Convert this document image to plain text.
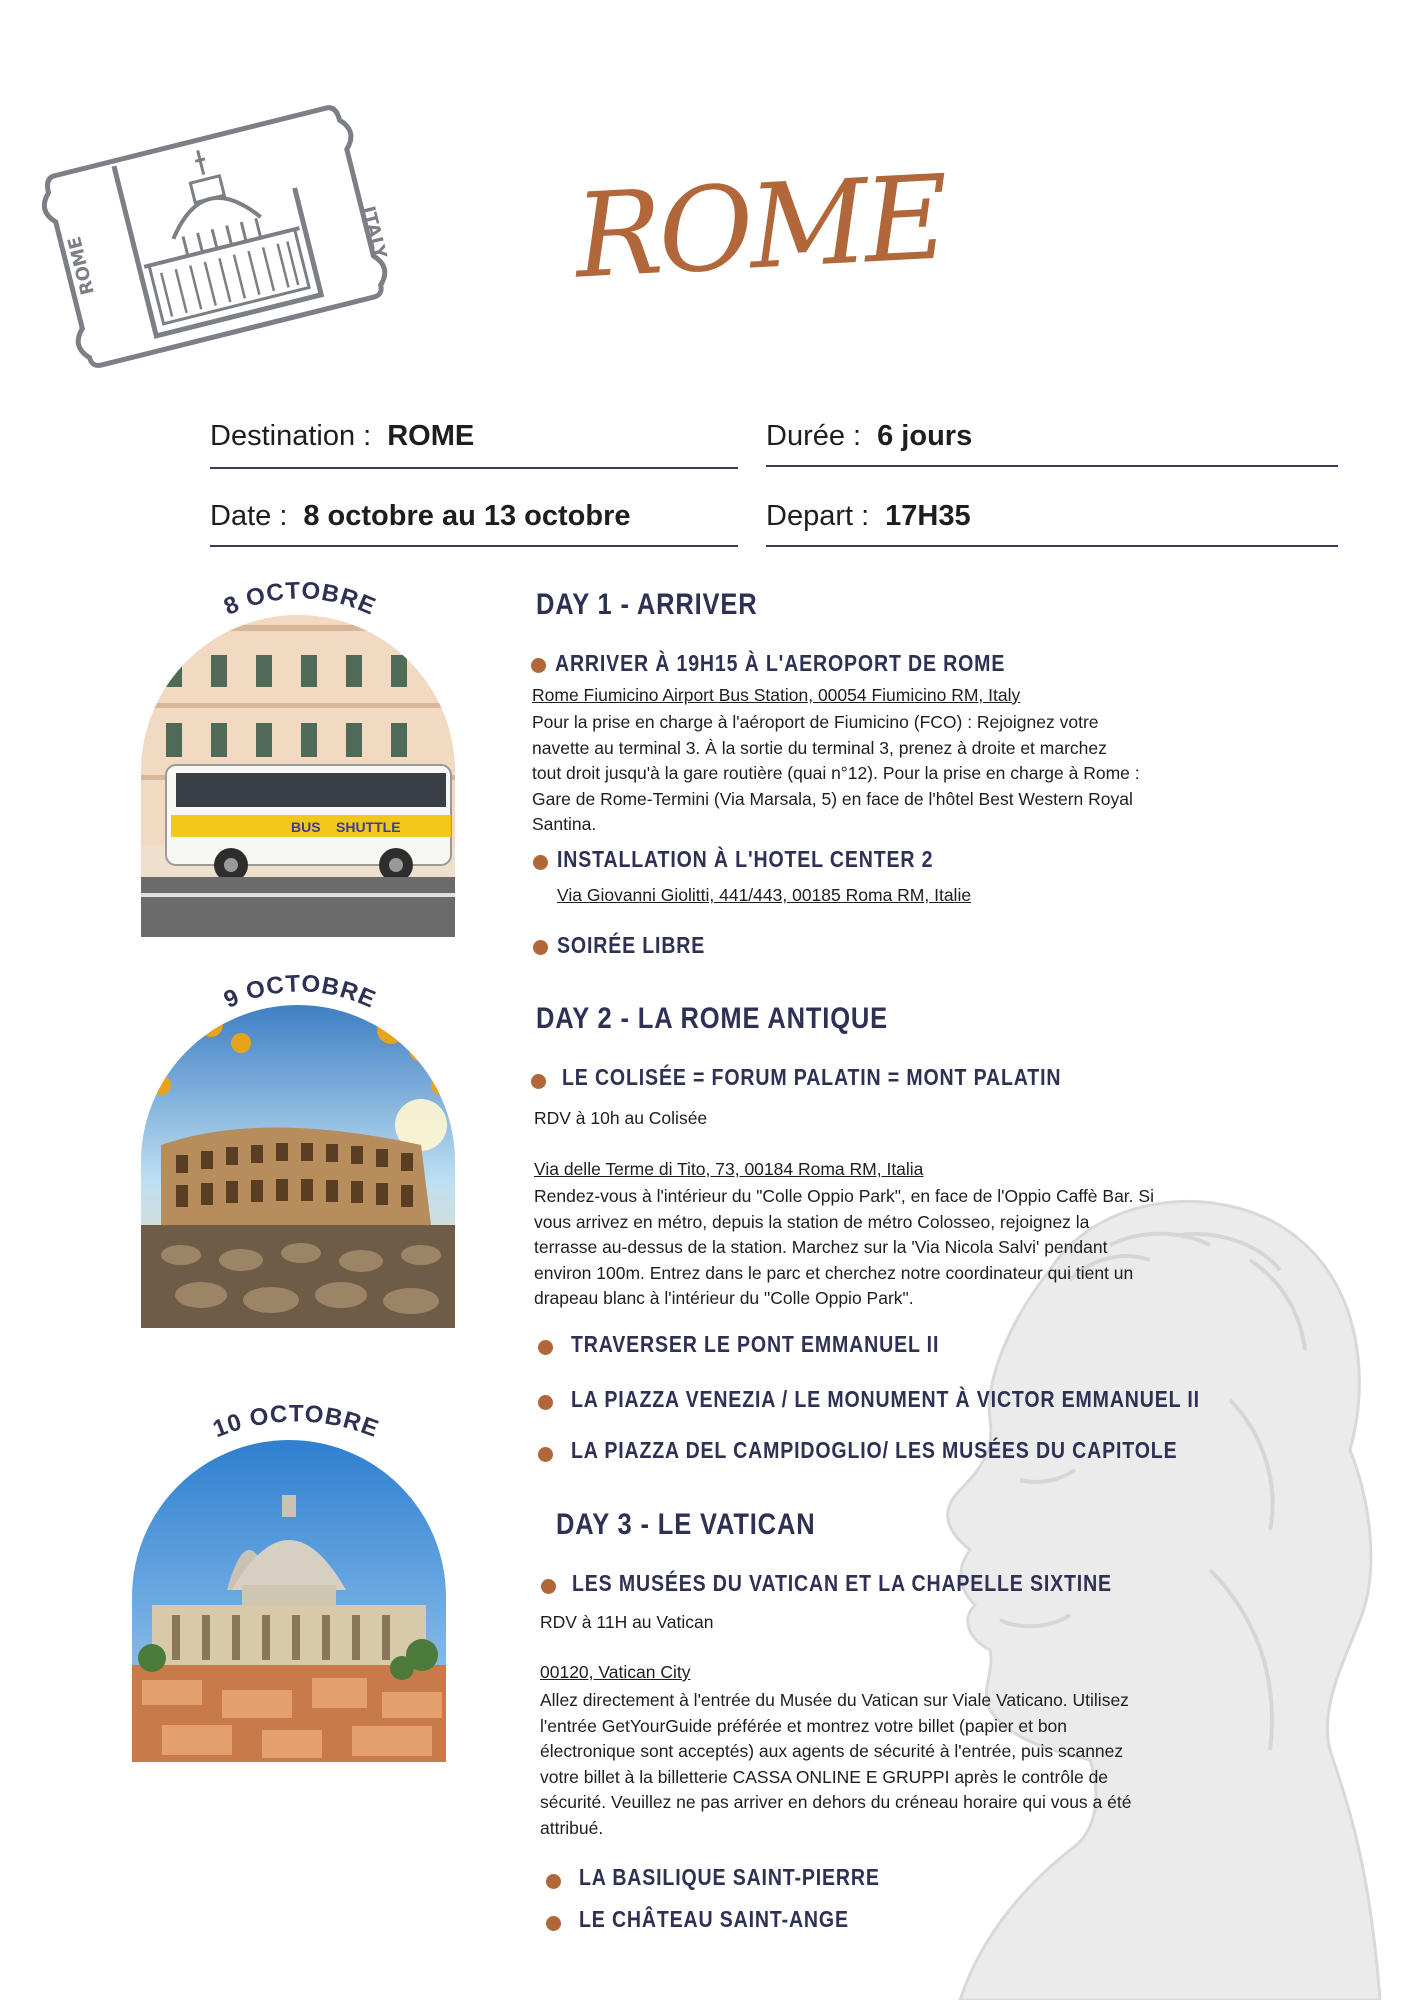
ROME
ITALY ROME
Destination : ROME	Durée : 6 jours
Date : 8 octobre au 13 octobre	Depart : 17H35
8 OCTOBRE
BUS SHUTTLE
DAY 1 - ARRIVER
ARRIVER À 19H15 À L'AEROPORT DE ROME
Rome Fiumicino Airport Bus Station, 00054 Fiumicino RM, Italy
Pour la prise en charge à l'aéroport de Fiumicino (FCO) : Rejoignez votre
navette au terminal 3. À la sortie du terminal 3, prenez à droite et marchez
tout droit jusqu'à la gare routière (quai n°12). Pour la prise en charge à Rome :
Gare de Rome-Termini (Via Marsala, 5) en face de l'hôtel Best Western Royal
Santina.
INSTALLATION À L'HOTEL CENTER 2
Via Giovanni Giolitti, 441/443, 00185 Roma RM, Italie
SOIRÉE LIBRE
9 OCTOBRE
DAY 2 - LA ROME ANTIQUE
LE COLISÉE = FORUM PALATIN = MONT PALATIN
RDV à 10h au Colisée
Via delle Terme di Tito, 73, 00184 Roma RM, Italia
Rendez-vous à l'intérieur du "Colle Oppio Park", en face de l'Oppio Caffè Bar. Si
vous arrivez en métro, depuis la station de métro Colosseo, rejoignez la
terrasse au-dessus de la station. Marchez sur la 'Via Nicola Salvi' pendant
environ 100m. Entrez dans le parc et cherchez notre coordinateur qui tient un
drapeau blanc à l'intérieur du "Colle Oppio Park".
TRAVERSER LE PONT EMMANUEL II
LA PIAZZA VENEZIA / LE MONUMENT À VICTOR EMMANUEL II
LA PIAZZA DEL CAMPIDOGLIO/ LES MUSÉES DU CAPITOLE
10 OCTOBRE
DAY 3 - LE VATICAN
LES MUSÉES DU VATICAN ET LA CHAPELLE SIXTINE
RDV à 11H au Vatican
00120, Vatican City
Allez directement à l'entrée du Musée du Vatican sur Viale Vaticano. Utilisez
l'entrée GetYourGuide préférée et montrez votre billet (papier et bon
électronique sont acceptés) aux agents de sécurité à l'entrée, puis scannez
votre billet à la billetterie CASSA ONLINE E GRUPPI après le contrôle de
sécurité. Veuillez ne pas arriver en dehors du créneau horaire qui vous a été
attribué.
LA BASILIQUE SAINT-PIERRE
LE CHÂTEAU SAINT-ANGE
